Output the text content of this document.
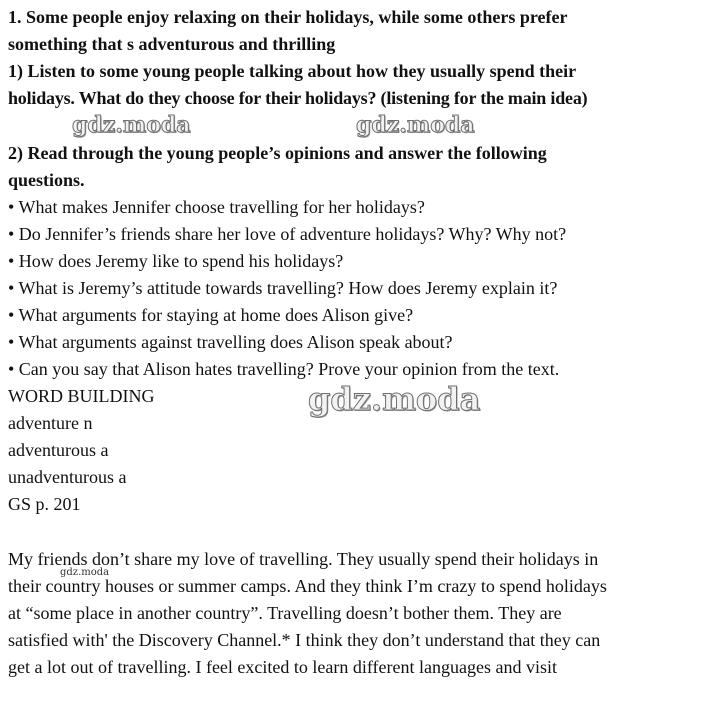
1. Some people enjoy relaxing on their holidays, while some others prefer

something that s adventurous and thrilling

1) Listen to some young people talking about how they usually spend their

holidays. What do they choose for their holidays? (listening for the main idea)

gdz.moda	gdz.moda

2) Read through the young people’s opinions and answer the following

questions.

• What makes Jennifer choose travelling for her holidays?

• Do Jennifer’s friends share her love of adventure holidays? Why? Why not?

• How does Jeremy like to spend his holidays?

• What is Jeremy’s attitude towards travelling? How does Jeremy explain it?

• What arguments for staying at home does Alison give?

• What arguments against travelling does Alison speak about?

• Can you say that Alison hates travelling? Prove your opinion from the text.

WORD BUILDING	gdz.moda

adventure n

adventurous a

unadventurous a

GS p. 201

My friends don’t share my love of travelling. They usually spend their holidays in

their country houses or summer camps. And they think I’m crazy to spend holidays

gdz.moda

at “some place in another country”. Travelling doesn’t bother them. They are

satisfied with' the Discovery Channel.* I think they don’t understand that they can

get a lot out of travelling. I feel excited to learn different languages and visit
